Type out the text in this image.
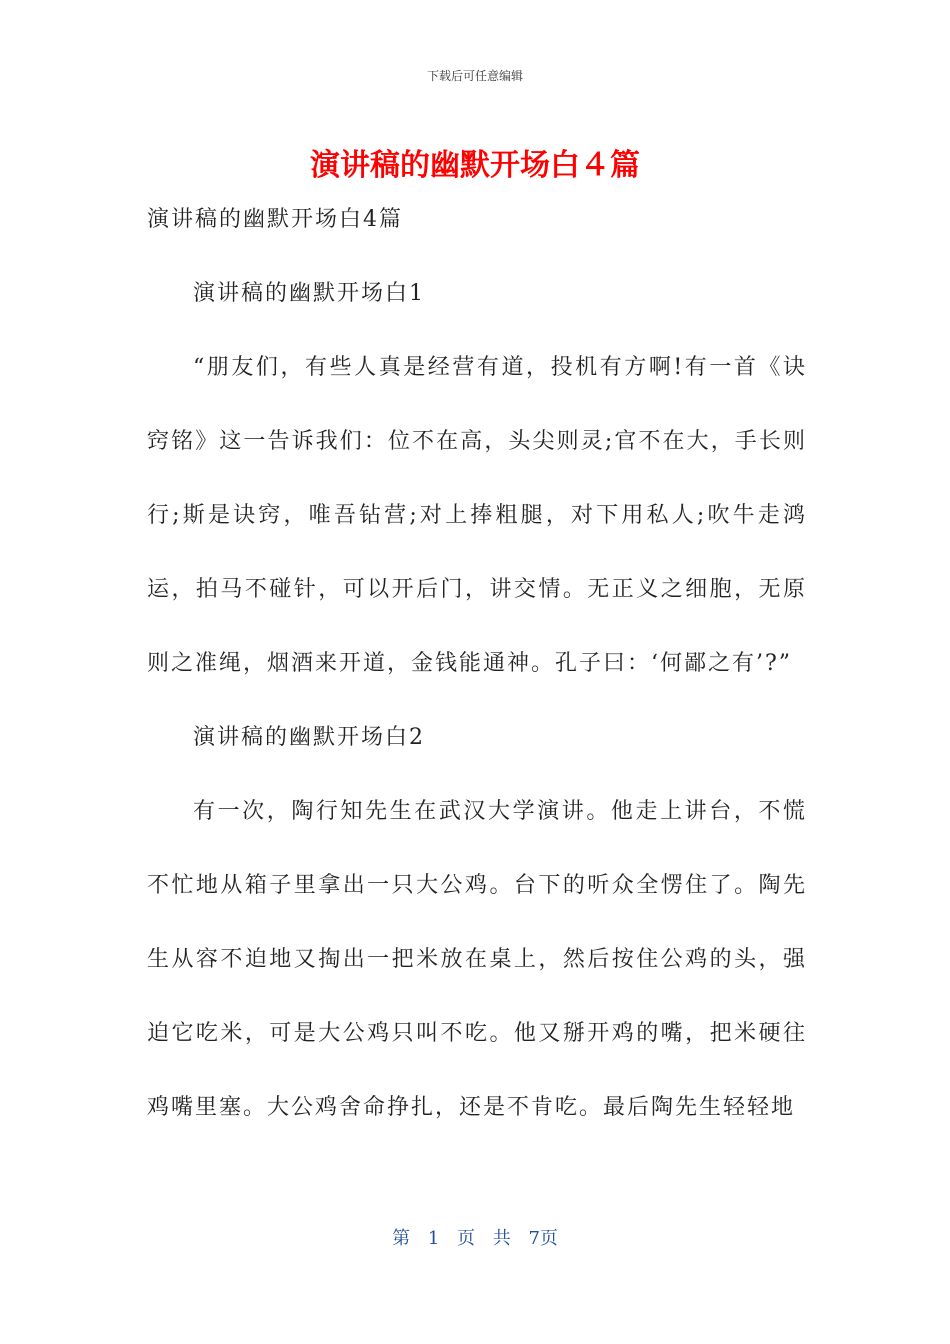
下载后可任意编辑
演讲稿的幽默开场白４篇

演讲稿的幽默开场白4篇

演讲稿的幽默开场白1

“朋友们，有些人真是经营有道，投机有方啊!有一首《诀窍铭》这一告诉我们：位不在高，头尖则灵;官不在大，手长则行;斯是诀窍，唯吾钻营;对上捧粗腿，对下用私人;吹牛走鸿运，拍马不碰针，可以开后门，讲交情。无正义之细胞，无原则之准绳，烟酒来开道，金钱能通神。孔子曰：‘何鄙之有’?”

演讲稿的幽默开场白2

有一次，陶行知先生在武汉大学演讲。他走上讲台，不慌不忙地从箱子里拿出一只大公鸡。台下的听众全愣住了。陶先生从容不迫地又掏出一把米放在桌上，然后按住公鸡的头，强迫它吃米，可是大公鸡只叫不吃。他又掰开鸡的嘴，把米硬往鸡嘴里塞。大公鸡舍命挣扎，还是不肯吃。最后陶先生轻轻地

第 1 页 共 7页
